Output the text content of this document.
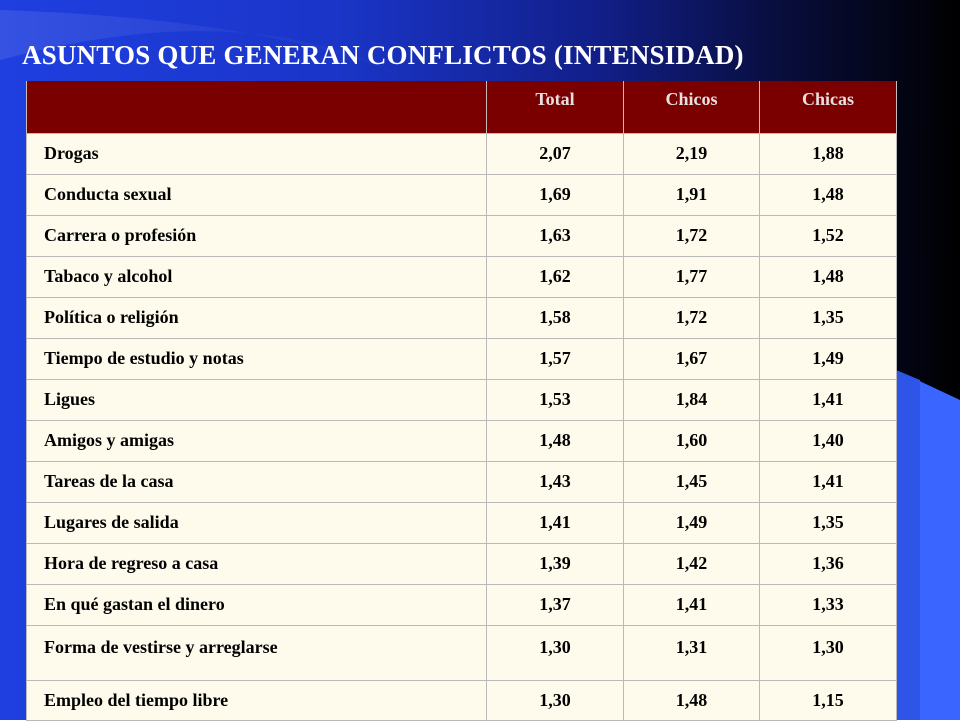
ASUNTOS QUE GENERAN CONFLICTOS (INTENSIDAD)
	Total	Chicos	Chicas
Drogas	2,07	2,19	1,88
Conducta sexual	1,69	1,91	1,48
Carrera o profesión	1,63	1,72	1,52
Tabaco y alcohol	1,62	1,77	1,48
Política o religión	1,58	1,72	1,35
Tiempo de estudio y notas	1,57	1,67	1,49
Ligues	1,53	1,84	1,41
Amigos y amigas	1,48	1,60	1,40
Tareas de la casa	1,43	1,45	1,41
Lugares de salida	1,41	1,49	1,35
Hora de regreso a casa	1,39	1,42	1,36
En qué gastan el dinero	1,37	1,41	1,33
Forma de vestirse y arreglarse	1,30	1,31	1,30
Empleo del tiempo libre	1,30	1,48	1,15
